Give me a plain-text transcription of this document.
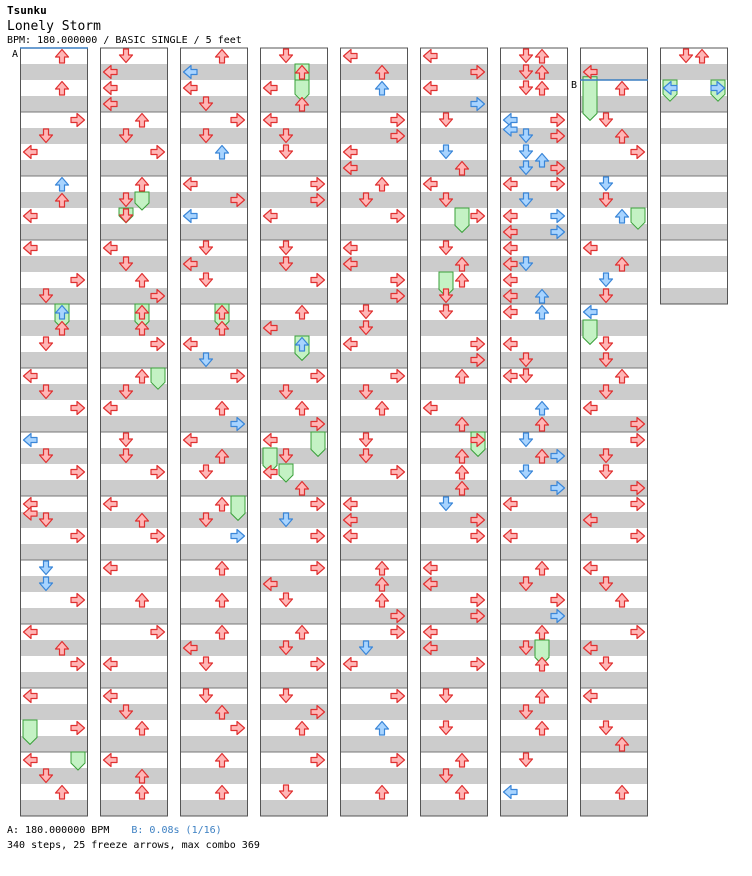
Tsunku
Lonely Storm
BPM: 180.000000 / BASIC SINGLE / 5 feet
A
B
A: 180.000000 BPM B: 0.08s (1/16)
340 steps, 25 freeze arrows, max combo 369
